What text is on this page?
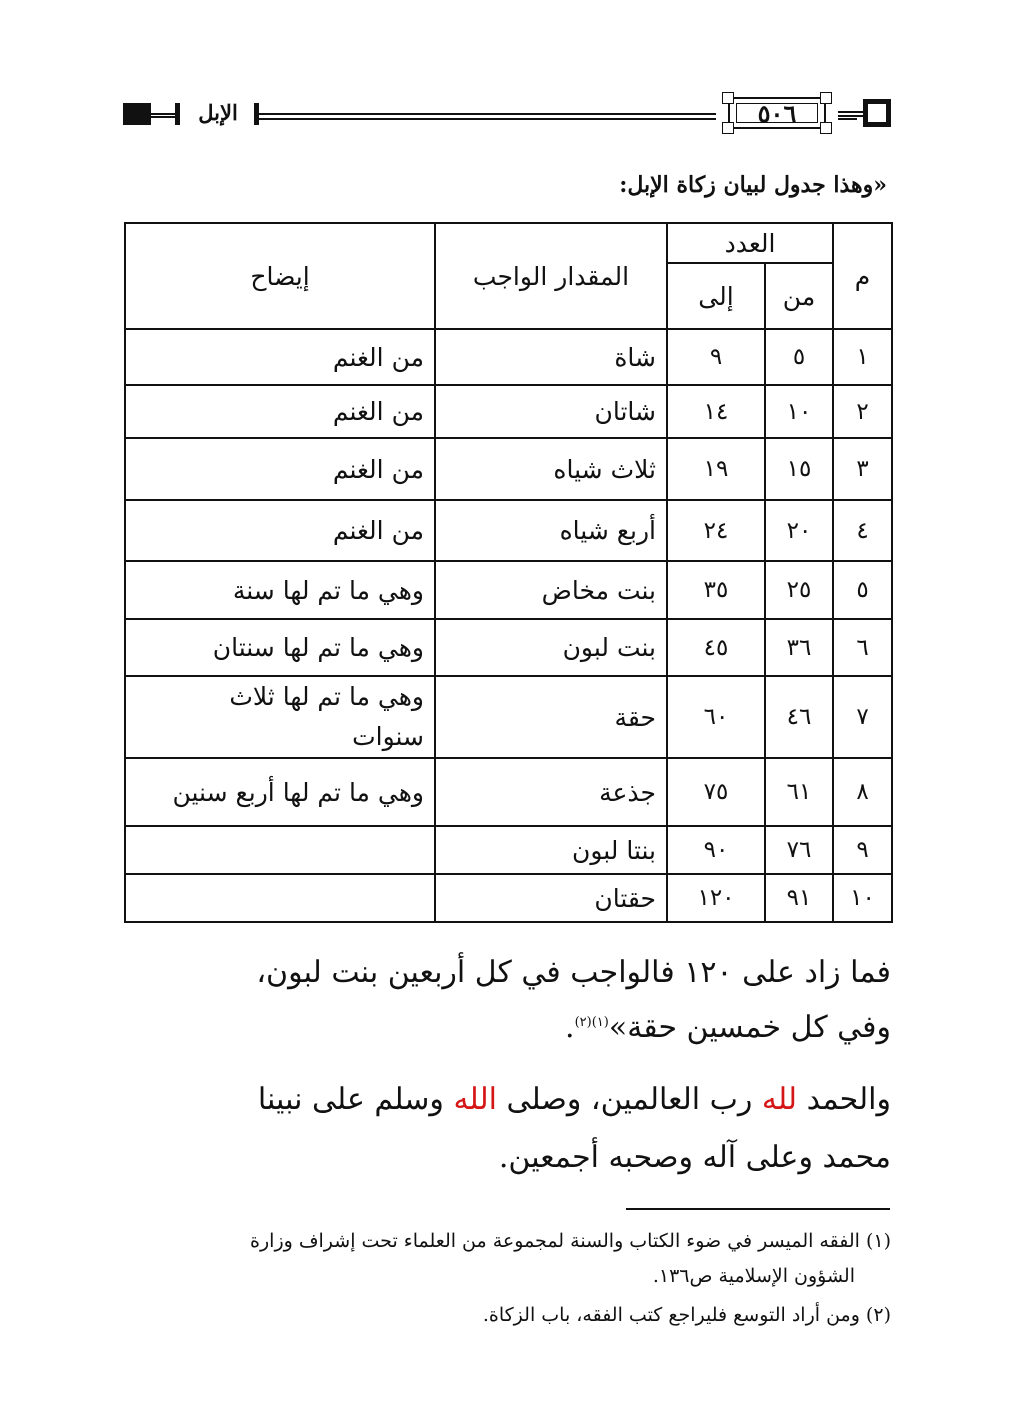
٥٠٦
الإبل
«وهذا جدول لبيان زكاة الإبل:
م	العدد		المقدار الواجب	إيضاح
	من	إلى		
١	٥	٩	شاة	من الغنم
٢	١٠	١٤	شاتان	من الغنم
٣	١٥	١٩	ثلاث شياه	من الغنم
٤	٢٠	٢٤	أربع شياه	من الغنم
٥	٢٥	٣٥	بنت مخاض	وهي ما تم لها سنة
٦	٣٦	٤٥	بنت لبون	وهي ما تم لها سنتان
٧	٤٦	٦٠	حقة	وهي ما تم لها ثلاث
سنوات

٨	٦١	٧٥	جذعة	وهي ما تم لها أربع سنين
٩	٧٦	٩٠	بنتا لبون	
١٠	٩١	١٢٠	حقتان	
فما زاد على ١٢٠ فالواجب في كل أربعين بنت لبون،
وفي كل خمسين حقة»$^{(١)(٢)}$.
والحمد لله رب العالمين، وصلى الله وسلم على نبينا
محمد وعلى آله وصحبه أجمعين.
(١) الفقه الميسر في ضوء الكتاب والسنة لمجموعة من العلماء تحت إشراف وزارة
الشؤون الإسلامية ص١٣٦.
(٢) ومن أراد التوسع فليراجع كتب الفقه، باب الزكاة.
